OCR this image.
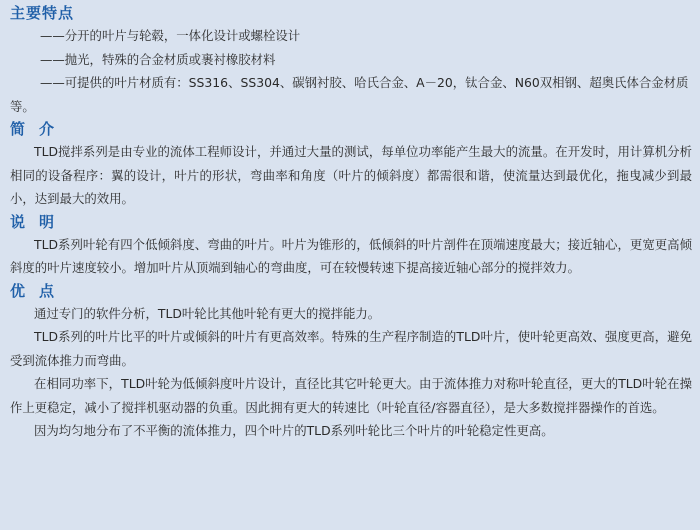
主要特点

——分开的叶片与轮毂，一体化设计或螺栓设计

——抛光，特殊的合金材质或裹衬橡胶材料

——可提供的叶片材质有：SS316、SS304、碳钢衬胶、哈氏合金、A－20，钛合金、N60双相钢、超奥氏体合金材质等。

简介

TLD搅拌系列是由专业的流体工程师设计，并通过大量的测试，每单位功率能产生最大的流量。在开发时，用计算机分析相同的设备程序：翼的设计，叶片的形状，弯曲率和角度（叶片的倾斜度）都需很和谐，使流量达到最优化，拖曳减少到最小，达到最大的效用。

说明

TLD系列叶轮有四个低倾斜度、弯曲的叶片。叶片为锥形的，低倾斜的叶片剖件在顶端速度最大；接近轴心，更宽更高倾斜度的叶片速度较小。增加叶片从顶端到轴心的弯曲度，可在较慢转速下提高接近轴心部分的搅拌效力。

优点

通过专门的软件分析，TLD叶轮比其他叶轮有更大的搅拌能力。

TLD系列的叶片比平的叶片或倾斜的叶片有更高效率。特殊的生产程序制造的TLD叶片，使叶轮更高效、强度更高，避免受到流体推力而弯曲。

在相同功率下，TLD叶轮为低倾斜度叶片设计，直径比其它叶轮更大。由于流体推力对称叶轮直径，更大的TLD叶轮在操作上更稳定，减小了搅拌机驱动器的负重。因此拥有更大的转速比（叶轮直径/容器直径），是大多数搅拌器操作的首选。

因为均匀地分布了不平衡的流体推力，四个叶片的TLD系列叶轮比三个叶片的叶轮稳定性更高。
